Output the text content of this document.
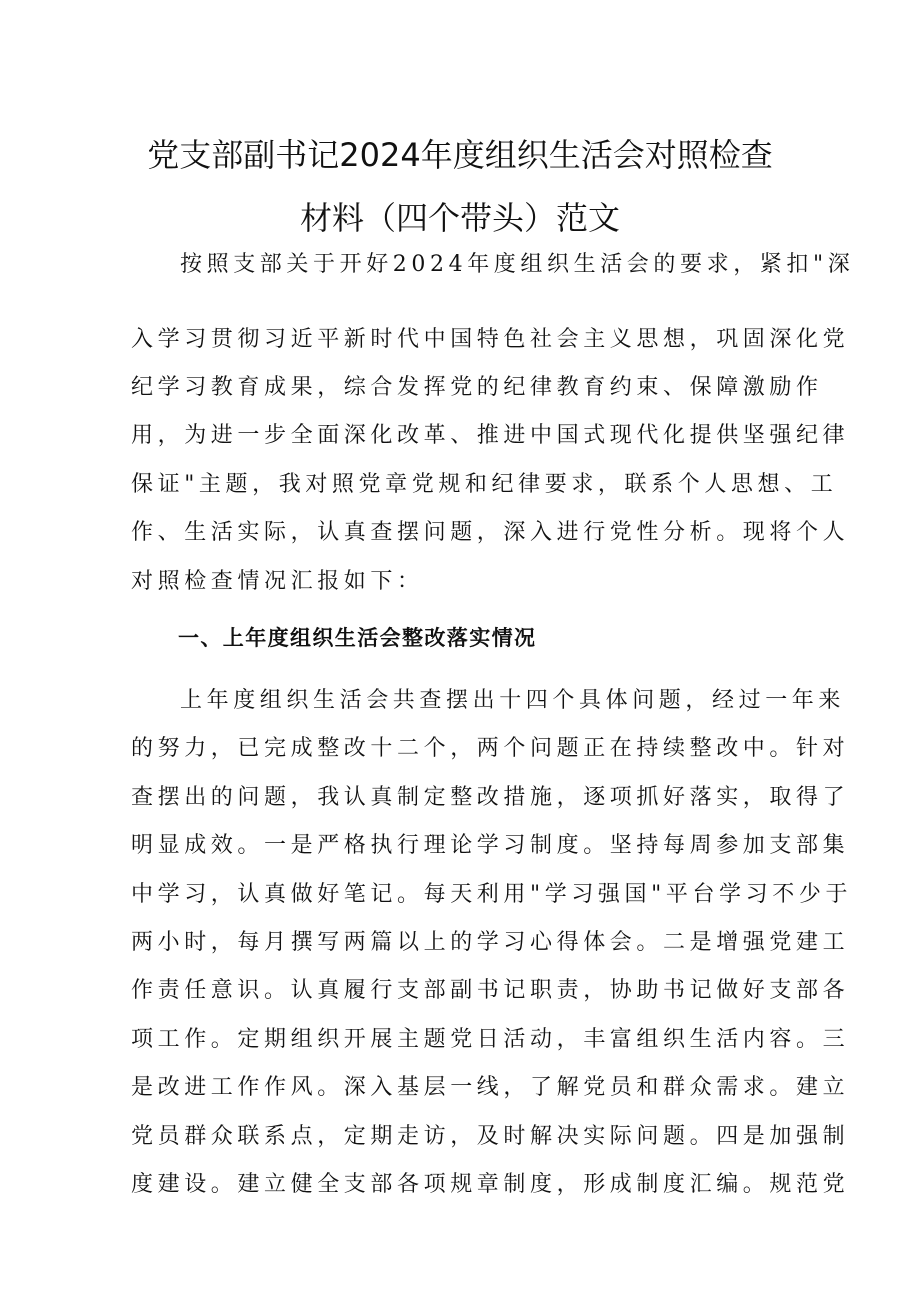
党支部副书记2024年度组织生活会对照检查
材料（四个带头）范文
按照支部关于开好2024年度组织生活会的要求，紧扣"深
入学习贯彻习近平新时代中国特色社会主义思想，巩固深化党
纪学习教育成果，综合发挥党的纪律教育约束、保障激励作
用，为进一步全面深化改革、推进中国式现代化提供坚强纪律
保证"主题，我对照党章党规和纪律要求，联系个人思想、工
作、生活实际，认真查摆问题，深入进行党性分析。现将个人
对照检查情况汇报如下：
一、上年度组织生活会整改落实情况
上年度组织生活会共查摆出十四个具体问题，经过一年来
的努力，已完成整改十二个，两个问题正在持续整改中。针对
查摆出的问题，我认真制定整改措施，逐项抓好落实，取得了
明显成效。一是严格执行理论学习制度。坚持每周参加支部集
中学习，认真做好笔记。每天利用"学习强国"平台学习不少于
两小时，每月撰写两篇以上的学习心得体会。二是增强党建工
作责任意识。认真履行支部副书记职责，协助书记做好支部各
项工作。定期组织开展主题党日活动，丰富组织生活内容。三
是改进工作作风。深入基层一线，了解党员和群众需求。建立
党员群众联系点，定期走访，及时解决实际问题。四是加强制
度建设。建立健全支部各项规章制度，形成制度汇编。规范党
